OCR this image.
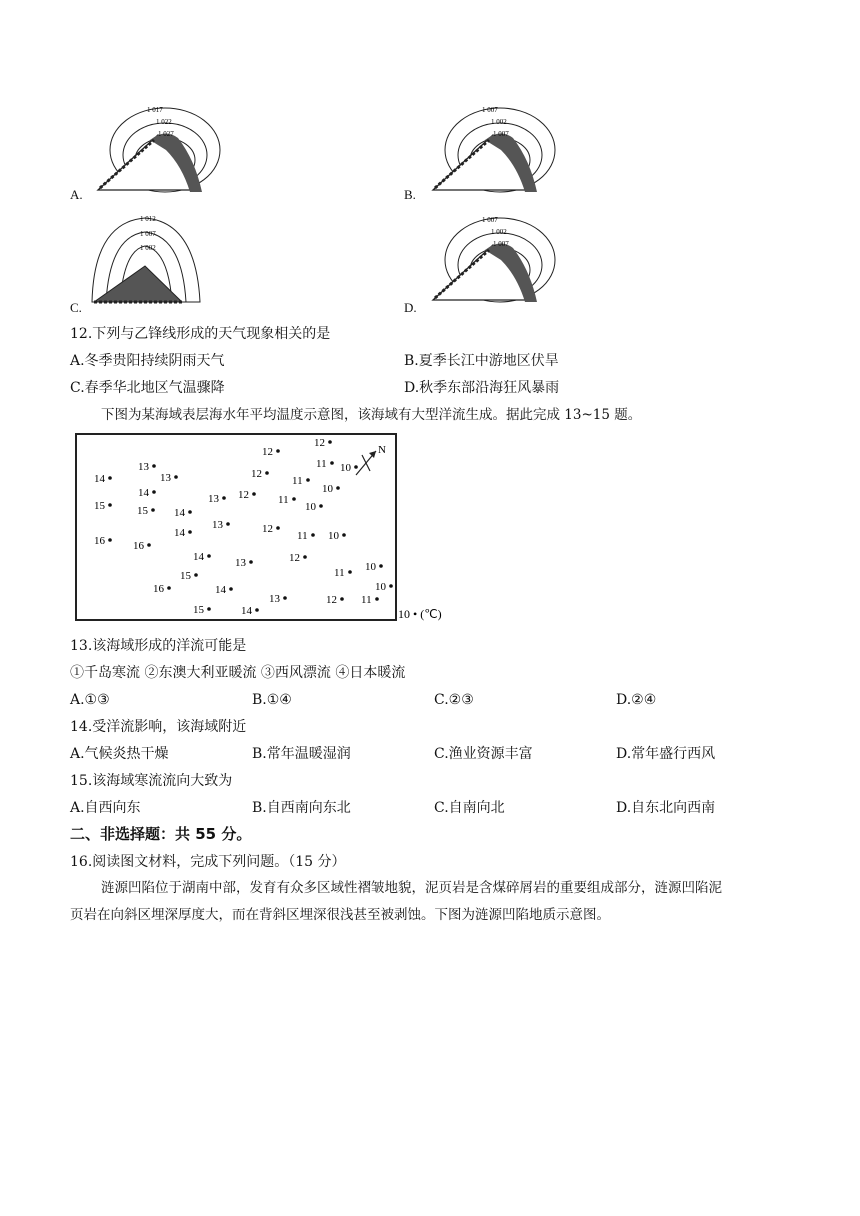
1 017
1 022
1 027
A.
1 007
1 002
1 007
B.
1 012
1 007
1 002
C.
1 007
1 002
1 007
D.
12.下列与乙锋线形成的天气现象相关的是
A.冬季贵阳持续阴雨天气	B.夏季长江中游地区伏旱
C.春季华北地区气温骤降	D.秋季东部沿海狂风暴雨
下图为某海域表层海水年平均温度示意图，该海域有大型洋流生成。据此完成 13~15 题。
N
10 • (℃)
12
12
11 10
13
14	13	12
11
10
14	13 12	11
10
15	15 14
13	12
11 10
14
16	16
14	13	12
10
11
15
10
16	14
13	12 11
15	14
13.该海域形成的洋流可能是
①千岛寒流 ②东澳大利亚暖流 ③西风漂流 ④日本暖流
A.①③	B.①④	C.②③	D.②④
14.受洋流影响，该海域附近
A.气候炎热干燥	B.常年温暖湿润	C.渔业资源丰富	D.常年盛行西风
15.该海域寒流流向大致为
A.自西向东	B.自西南向东北	C.自南向北	D.自东北向西南
二、非选择题：共 55 分。
16.阅读图文材料，完成下列问题。（15 分）
涟源凹陷位于湖南中部，发育有众多区域性褶皱地貌，泥页岩是含煤碎屑岩的重要组成部分，涟源凹陷泥
页岩在向斜区埋深厚度大，而在背斜区埋深很浅甚至被剥蚀。下图为涟源凹陷地质示意图。
